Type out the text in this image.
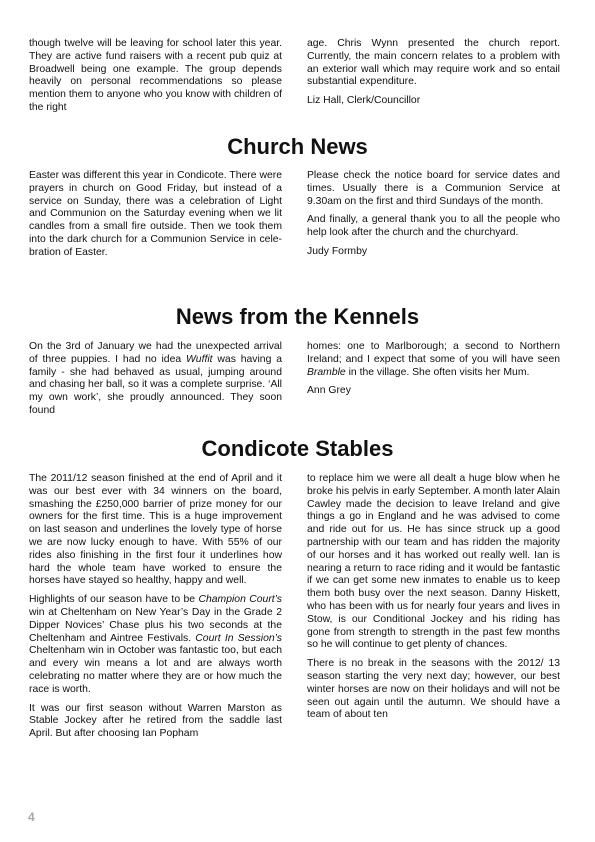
though twelve will be leaving for school later this year. They are active fund raisers with a recent pub quiz at Broadwell being one example. The group depends heavily on personal recommendations so please mention them to anyone who you know with children of the right

age. Chris Wynn presented the church report. Currently, the main concern relates to a problem with an exterior wall which may require work and so entail substantial expenditure.

Liz Hall, Clerk/Councillor

Church News

Easter was different this year in Condicote. There were prayers in church on Good Friday, but instead of a service on Sunday, there was a celebration of Light and Communion on the Saturday evening when we lit candles from a small fire outside. Then we took them into the dark church for a Communion Service in celebration of Easter.

Please check the notice board for service dates and times. Usually there is a Communion Service at 9.30am on the first and third Sundays of the month.

And finally, a general thank you to all the people who help look after the church and the churchyard.

Judy Formby

News from the Kennels

On the 3rd of January we had the unexpected arrival of three puppies. I had no idea Wuffit was having a family - she had behaved as usual, jumping around and chasing her ball, so it was a complete surprise. ‘All my own work’, she proudly announced. They soon found

homes: one to Marlborough; a second to Northern Ireland; and I expect that some of you will have seen Bramble in the village. She often visits her Mum.

Ann Grey

Condicote Stables

The 2011/12 season finished at the end of April and it was our best ever with 34 winners on the board, smashing the £250,000 barrier of prize money for our owners for the first time. This is a huge improvement on last season and underlines the lovely type of horse we are now lucky enough to have. With 55% of our rides also finishing in the first four it underlines how hard the whole team have worked to ensure the horses have stayed so healthy, happy and well.

Highlights of our season have to be Champion Court’s win at Cheltenham on New Year’s Day in the Grade 2 Dipper Novices’ Chase plus his two seconds at the Cheltenham and Aintree Festivals. Court In Session’s Cheltenham win in October was fantastic too, but each and every win means a lot and are always worth celebrating no matter where they are or how much the race is worth.

It was our first season without Warren Marston as Stable Jockey after he retired from the saddle last April. But after choosing Ian Popham

to replace him we were all dealt a huge blow when he broke his pelvis in early September. A month later Alain Cawley made the decision to leave Ireland and give things a go in England and he was advised to come and ride out for us. He has since struck up a good partnership with our team and has ridden the majority of our horses and it has worked out really well. Ian is nearing a return to race riding and it would be fantastic if we can get some new inmates to enable us to keep them both busy over the next season. Danny Hiskett, who has been with us for nearly four years and lives in Stow, is our Conditional Jockey and his riding has gone from strength to strength in the past few months so he will continue to get plenty of chances.

There is no break in the seasons with the 2012/ 13 season starting the very next day; however, our best winter horses are now on their holidays and will not be seen out again until the autumn. We should have a team of about ten

4
